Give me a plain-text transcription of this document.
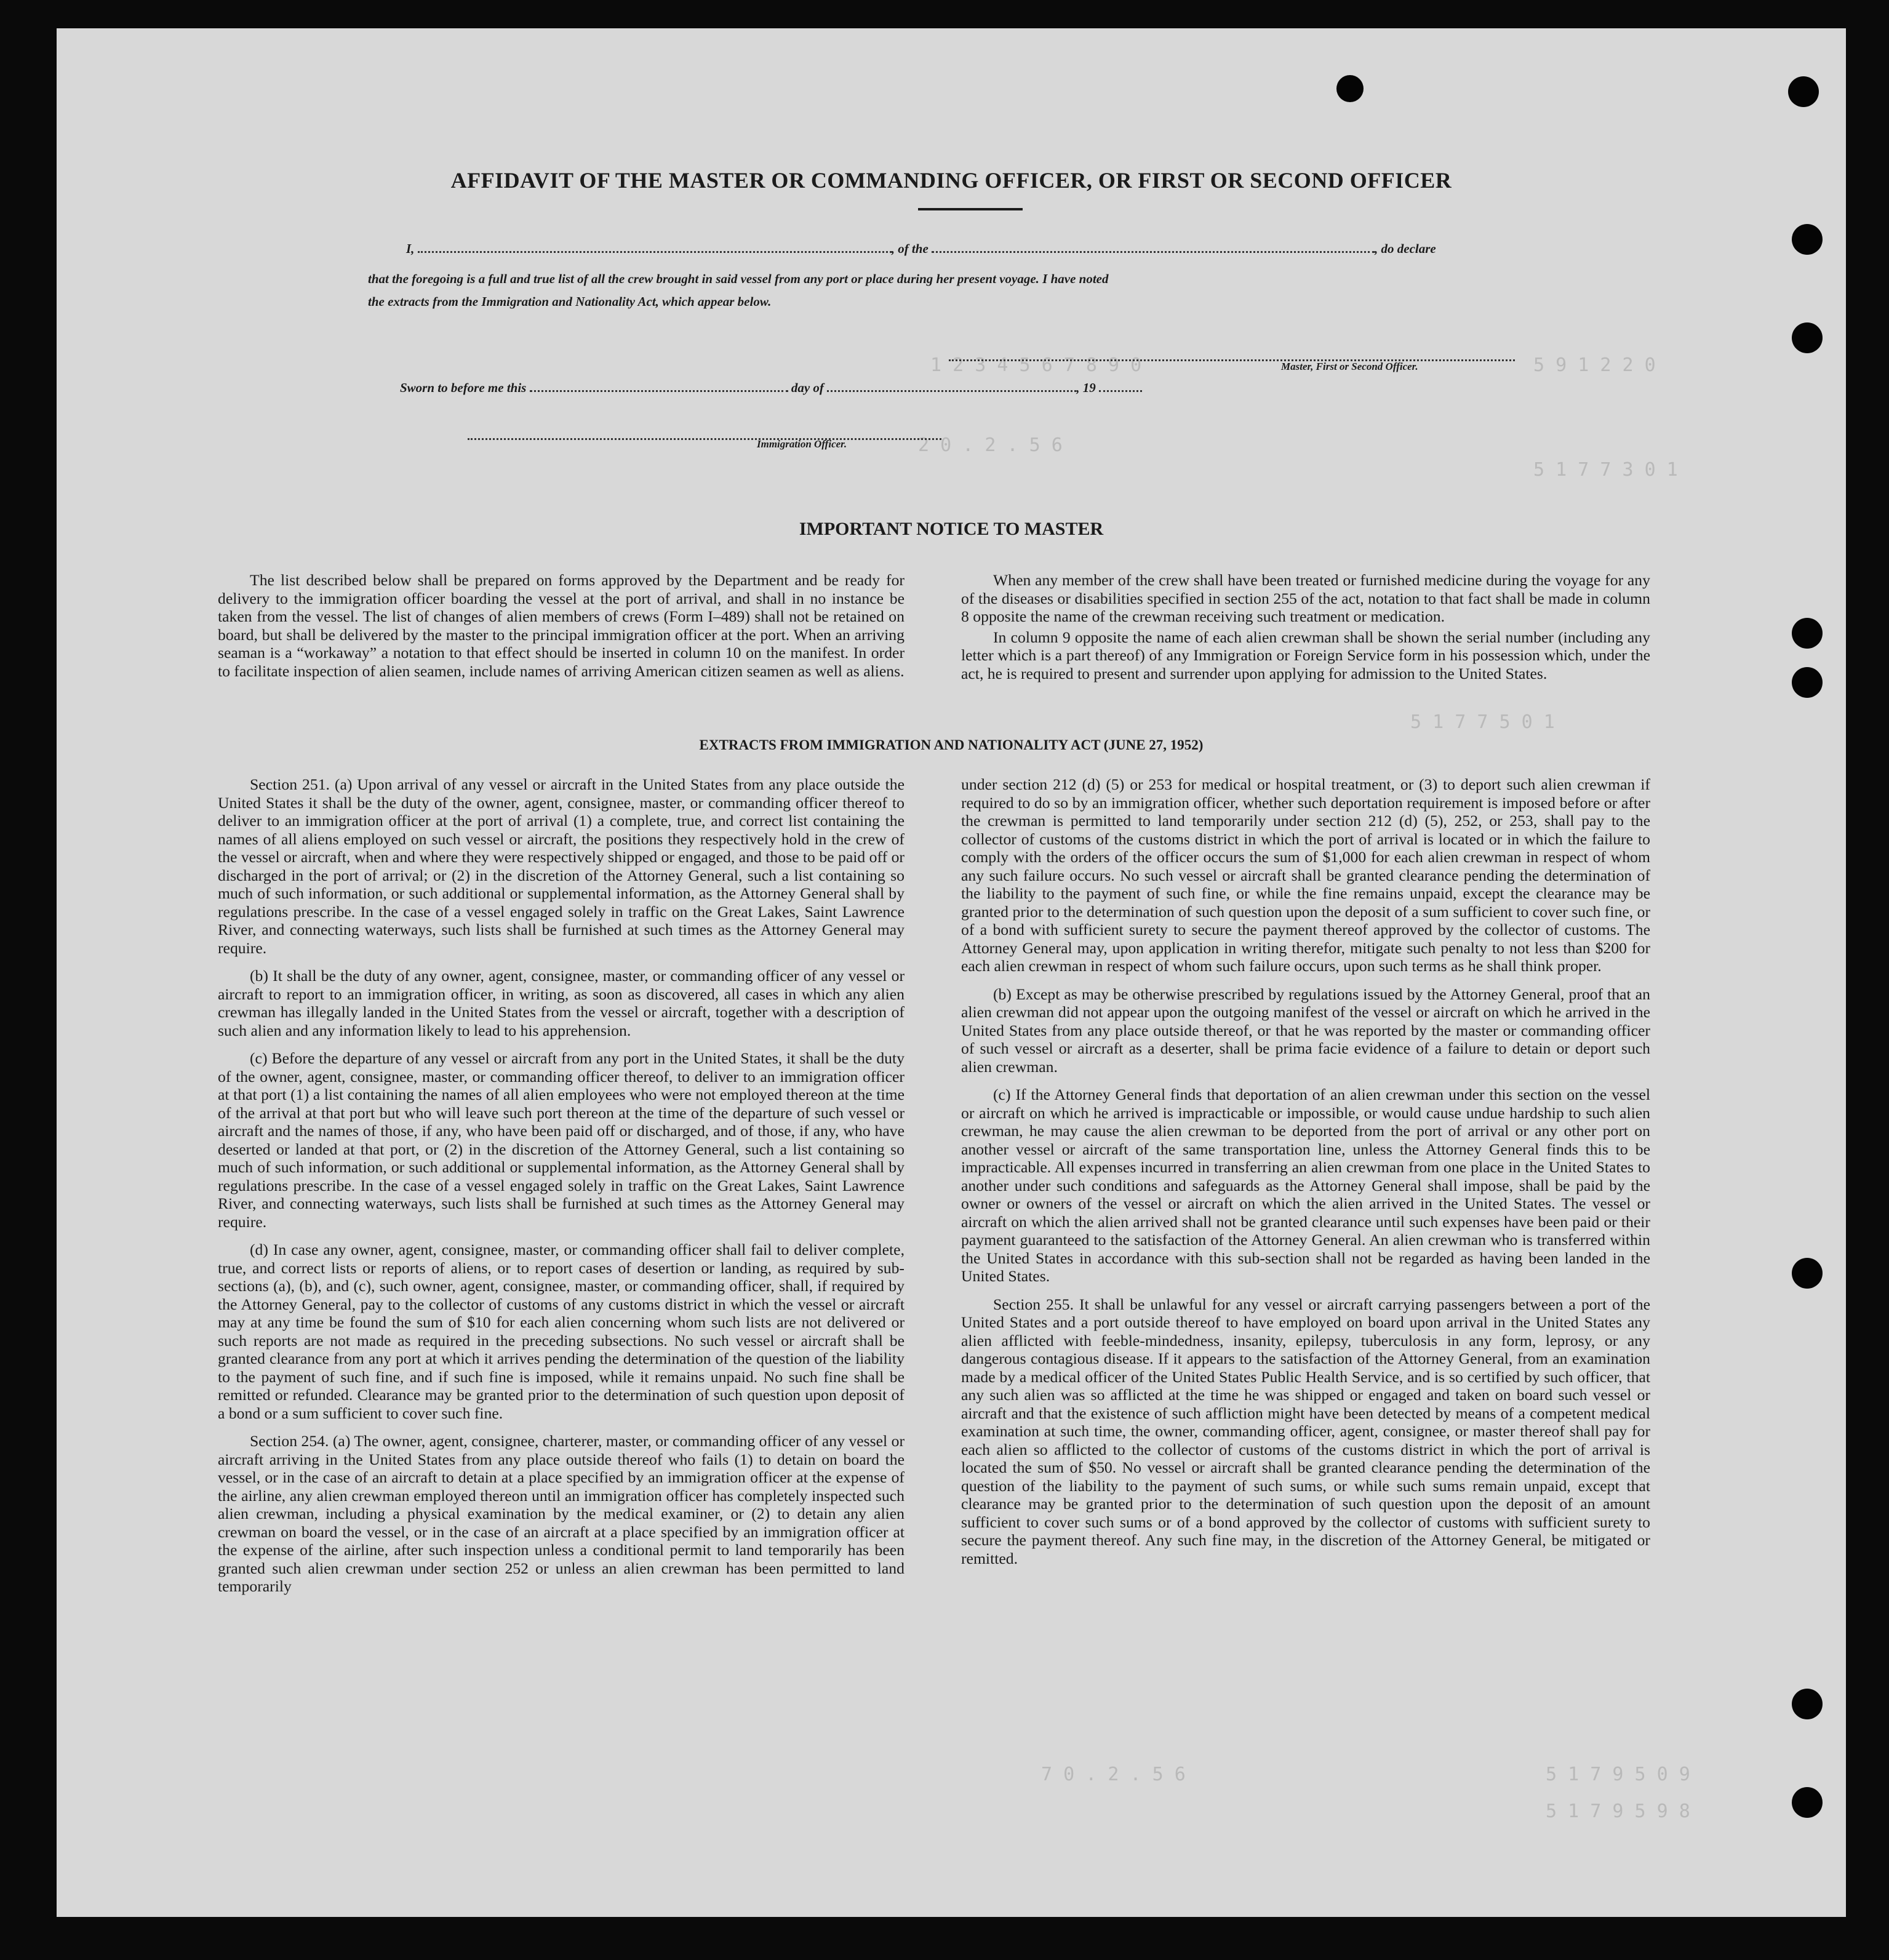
1 2 3 4 5 6 7 8 9 0	5 9 1 2 2 0
2 0 . 2 . 5 6
5 1 7 7 3 0 1
5 1 7 7 5 0 1
7 0 . 2 . 5 6	5 1 7 9 5 0 9
5 1 7 9 5 9 8
AFFIDAVIT OF THE MASTER OR COMMANDING OFFICER, OR FIRST OR SECOND OFFICER
I,	, of the	, do declare
that the foregoing is a full and true list of all the crew brought in said vessel from any port or place during her present voyage. I have noted
the extracts from the Immigration and Nationality Act, which appear below.
Master, First or Second Officer.
Sworn to before me this	day of	, 19
Immigration Officer.
IMPORTANT NOTICE TO MASTER

The list described below shall be prepared on forms approved by the Department and be ready for delivery to the immigration officer boarding the vessel at the port of arrival, and shall in no instance be taken from the vessel. The list of changes of alien members of crews (Form I–489) shall not be retained on board, but shall be delivered by the master to the principal immigration officer at the port. When an arriving seaman is a “workaway” a notation to that effect should be inserted in column 10 on the manifest. In order to facilitate inspection of alien seamen, include names of arriving American citizen seamen as well as aliens.

When any member of the crew shall have been treated or furnished medicine during the voyage for any of the diseases or disabilities specified in section 255 of the act, notation to that fact shall be made in column 8 opposite the name of the crewman receiving such treatment or medication.

In column 9 opposite the name of each alien crewman shall be shown the serial number (including any letter which is a part thereof) of any Immigration or Foreign Service form in his possession which, under the act, he is required to present and surrender upon applying for admission to the United States.

EXTRACTS FROM IMMIGRATION AND NATIONALITY ACT (JUNE 27, 1952)

Section 251. (a) Upon arrival of any vessel or aircraft in the United States from any place outside the United States it shall be the duty of the owner, agent, consignee, master, or commanding officer thereof to deliver to an immigration officer at the port of arrival (1) a complete, true, and correct list containing the names of all aliens employed on such vessel or aircraft, the positions they respectively hold in the crew of the vessel or aircraft, when and where they were respectively shipped or engaged, and those to be paid off or discharged in the port of arrival; or (2) in the discretion of the Attorney General, such a list containing so much of such information, or such additional or supplemental information, as the Attorney General shall by regulations prescribe. In the case of a vessel engaged solely in traffic on the Great Lakes, Saint Lawrence River, and connecting waterways, such lists shall be furnished at such times as the Attorney General may require.

(b) It shall be the duty of any owner, agent, consignee, master, or commanding officer of any vessel or aircraft to report to an immigration officer, in writing, as soon as discovered, all cases in which any alien crewman has illegally landed in the United States from the vessel or aircraft, together with a description of such alien and any information likely to lead to his apprehension.

(c) Before the departure of any vessel or aircraft from any port in the United States, it shall be the duty of the owner, agent, consignee, master, or commanding officer thereof, to deliver to an immigration officer at that port (1) a list containing the names of all alien employees who were not employed thereon at the time of the arrival at that port but who will leave such port thereon at the time of the departure of such vessel or aircraft and the names of those, if any, who have been paid off or discharged, and of those, if any, who have deserted or landed at that port, or (2) in the discretion of the Attorney General, such a list containing so much of such information, or such additional or supplemental information, as the Attorney General shall by regulations prescribe. In the case of a vessel engaged solely in traffic on the Great Lakes, Saint Lawrence River, and connecting waterways, such lists shall be furnished at such times as the Attorney General may require.

(d) In case any owner, agent, consignee, master, or commanding officer shall fail to deliver complete, true, and correct lists or reports of aliens, or to report cases of desertion or landing, as required by sub-sections (a), (b), and (c), such owner, agent, consignee, master, or commanding officer, shall, if required by the Attorney General, pay to the collector of customs of any customs district in which the vessel or aircraft may at any time be found the sum of $10 for each alien concerning whom such lists are not delivered or such reports are not made as required in the preceding subsections. No such vessel or aircraft shall be granted clearance from any port at which it arrives pending the determination of the question of the liability to the payment of such fine, and if such fine is imposed, while it remains unpaid. No such fine shall be remitted or refunded. Clearance may be granted prior to the determination of such question upon deposit of a bond or a sum sufficient to cover such fine.

Section 254. (a) The owner, agent, consignee, charterer, master, or commanding officer of any vessel or aircraft arriving in the United States from any place outside thereof who fails (1) to detain on board the vessel, or in the case of an aircraft to detain at a place specified by an immigration officer at the expense of the airline, any alien crewman employed thereon until an immigration officer has completely inspected such alien crewman, including a physical examination by the medical examiner, or (2) to detain any alien crewman on board the vessel, or in the case of an aircraft at a place specified by an immigration officer at the expense of the airline, after such inspection unless a conditional permit to land temporarily has been granted such alien crewman under section 252 or unless an alien crewman has been permitted to land temporarily

under section 212 (d) (5) or 253 for medical or hospital treatment, or (3) to deport such alien crewman if required to do so by an immigration officer, whether such deportation requirement is imposed before or after the crewman is permitted to land temporarily under section 212 (d) (5), 252, or 253, shall pay to the collector of customs of the customs district in which the port of arrival is located or in which the failure to comply with the orders of the officer occurs the sum of $1,000 for each alien crewman in respect of whom any such failure occurs. No such vessel or aircraft shall be granted clearance pending the determination of the liability to the payment of such fine, or while the fine remains unpaid, except the clearance may be granted prior to the determination of such question upon the deposit of a sum sufficient to cover such fine, or of a bond with sufficient surety to secure the payment thereof approved by the collector of customs. The Attorney General may, upon application in writing therefor, mitigate such penalty to not less than $200 for each alien crewman in respect of whom such failure occurs, upon such terms as he shall think proper.

(b) Except as may be otherwise prescribed by regulations issued by the Attorney General, proof that an alien crewman did not appear upon the outgoing manifest of the vessel or aircraft on which he arrived in the United States from any place outside thereof, or that he was reported by the master or commanding officer of such vessel or aircraft as a deserter, shall be prima facie evidence of a failure to detain or deport such alien crewman.

(c) If the Attorney General finds that deportation of an alien crewman under this section on the vessel or aircraft on which he arrived is impracticable or impossible, or would cause undue hardship to such alien crewman, he may cause the alien crewman to be deported from the port of arrival or any other port on another vessel or aircraft of the same transportation line, unless the Attorney General finds this to be impracticable. All expenses incurred in transferring an alien crewman from one place in the United States to another under such conditions and safeguards as the Attorney General shall impose, shall be paid by the owner or owners of the vessel or aircraft on which the alien arrived in the United States. The vessel or aircraft on which the alien arrived shall not be granted clearance until such expenses have been paid or their payment guaranteed to the satisfaction of the Attorney General. An alien crewman who is transferred within the United States in accordance with this sub-section shall not be regarded as having been landed in the United States.

Section 255. It shall be unlawful for any vessel or aircraft carrying passengers between a port of the United States and a port outside thereof to have employed on board upon arrival in the United States any alien afflicted with feeble-mindedness, insanity, epilepsy, tuberculosis in any form, leprosy, or any dangerous contagious disease. If it appears to the satisfaction of the Attorney General, from an examination made by a medical officer of the United States Public Health Service, and is so certified by such officer, that any such alien was so afflicted at the time he was shipped or engaged and taken on board such vessel or aircraft and that the existence of such affliction might have been detected by means of a competent medical examination at such time, the owner, commanding officer, agent, consignee, or master thereof shall pay for each alien so afflicted to the collector of customs of the customs district in which the port of arrival is located the sum of $50. No vessel or aircraft shall be granted clearance pending the determination of the question of the liability to the payment of such sums, or while such sums remain unpaid, except that clearance may be granted prior to the determination of such question upon the deposit of an amount sufficient to cover such sums or of a bond approved by the collector of customs with sufficient surety to secure the payment thereof. Any such fine may, in the discretion of the Attorney General, be mitigated or remitted.
